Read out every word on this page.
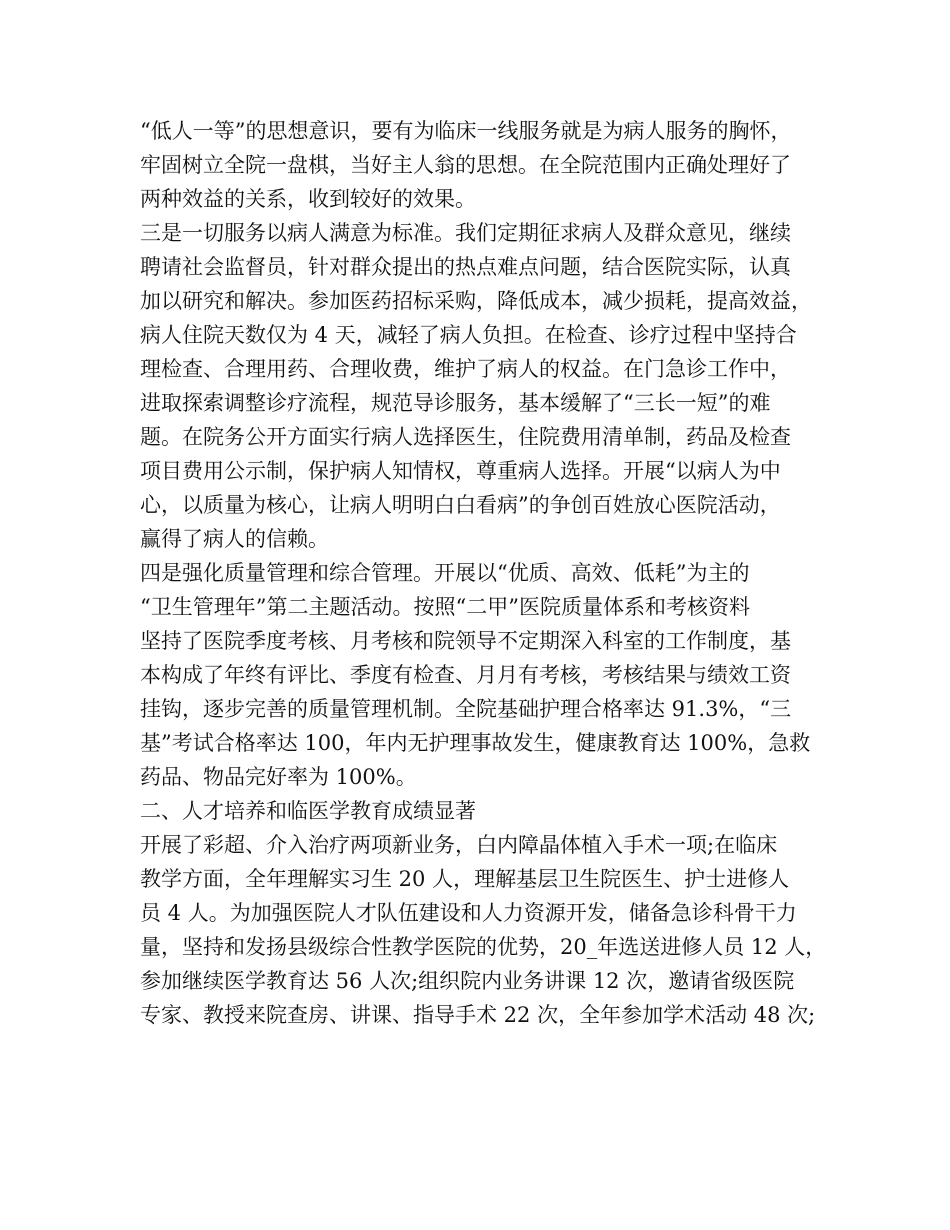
“低人一等”的思想意识，要有为临床一线服务就是为病人服务的胸怀，
牢固树立全院一盘棋，当好主人翁的思想。在全院范围内正确处理好了
两种效益的关系，收到较好的效果。
三是一切服务以病人满意为标准。我们定期征求病人及群众意见，继续
聘请社会监督员，针对群众提出的热点难点问题，结合医院实际，认真
加以研究和解决。参加医药招标采购，降低成本，减少损耗，提高效益，
病人住院天数仅为 4 天，减轻了病人负担。在检查、诊疗过程中坚持合
理检查、合理用药、合理收费，维护了病人的权益。在门急诊工作中，
进取探索调整诊疗流程，规范导诊服务，基本缓解了“三长一短”的难
题。在院务公开方面实行病人选择医生，住院费用清单制，药品及检查
项目费用公示制，保护病人知情权，尊重病人选择。开展“以病人为中
心，以质量为核心，让病人明明白白看病”的争创百姓放心医院活动，
赢得了病人的信赖。
四是强化质量管理和综合管理。开展以“优质、高效、低耗”为主的
“卫生管理年”第二主题活动。按照“二甲”医院质量体系和考核资料
坚持了医院季度考核、月考核和院领导不定期深入科室的工作制度，基
本构成了年终有评比、季度有检查、月月有考核，考核结果与绩效工资
挂钩，逐步完善的质量管理机制。全院基础护理合格率达 91.3%，“三
基”考试合格率达 100，年内无护理事故发生，健康教育达 100%，急救
药品、物品完好率为 100%。
二、人才培养和临医学教育成绩显著
开展了彩超、介入治疗两项新业务，白内障晶体植入手术一项;在临床
教学方面，全年理解实习生 20 人，理解基层卫生院医生、护士进修人
员 4 人。为加强医院人才队伍建设和人力资源开发，储备急诊科骨干力
量，坚持和发扬县级综合性教学医院的优势，20_年选送进修人员 12 人，
参加继续医学教育达 56 人次;组织院内业务讲课 12 次，邀请省级医院
专家、教授来院查房、讲课、指导手术 22 次，全年参加学术活动 48 次;
